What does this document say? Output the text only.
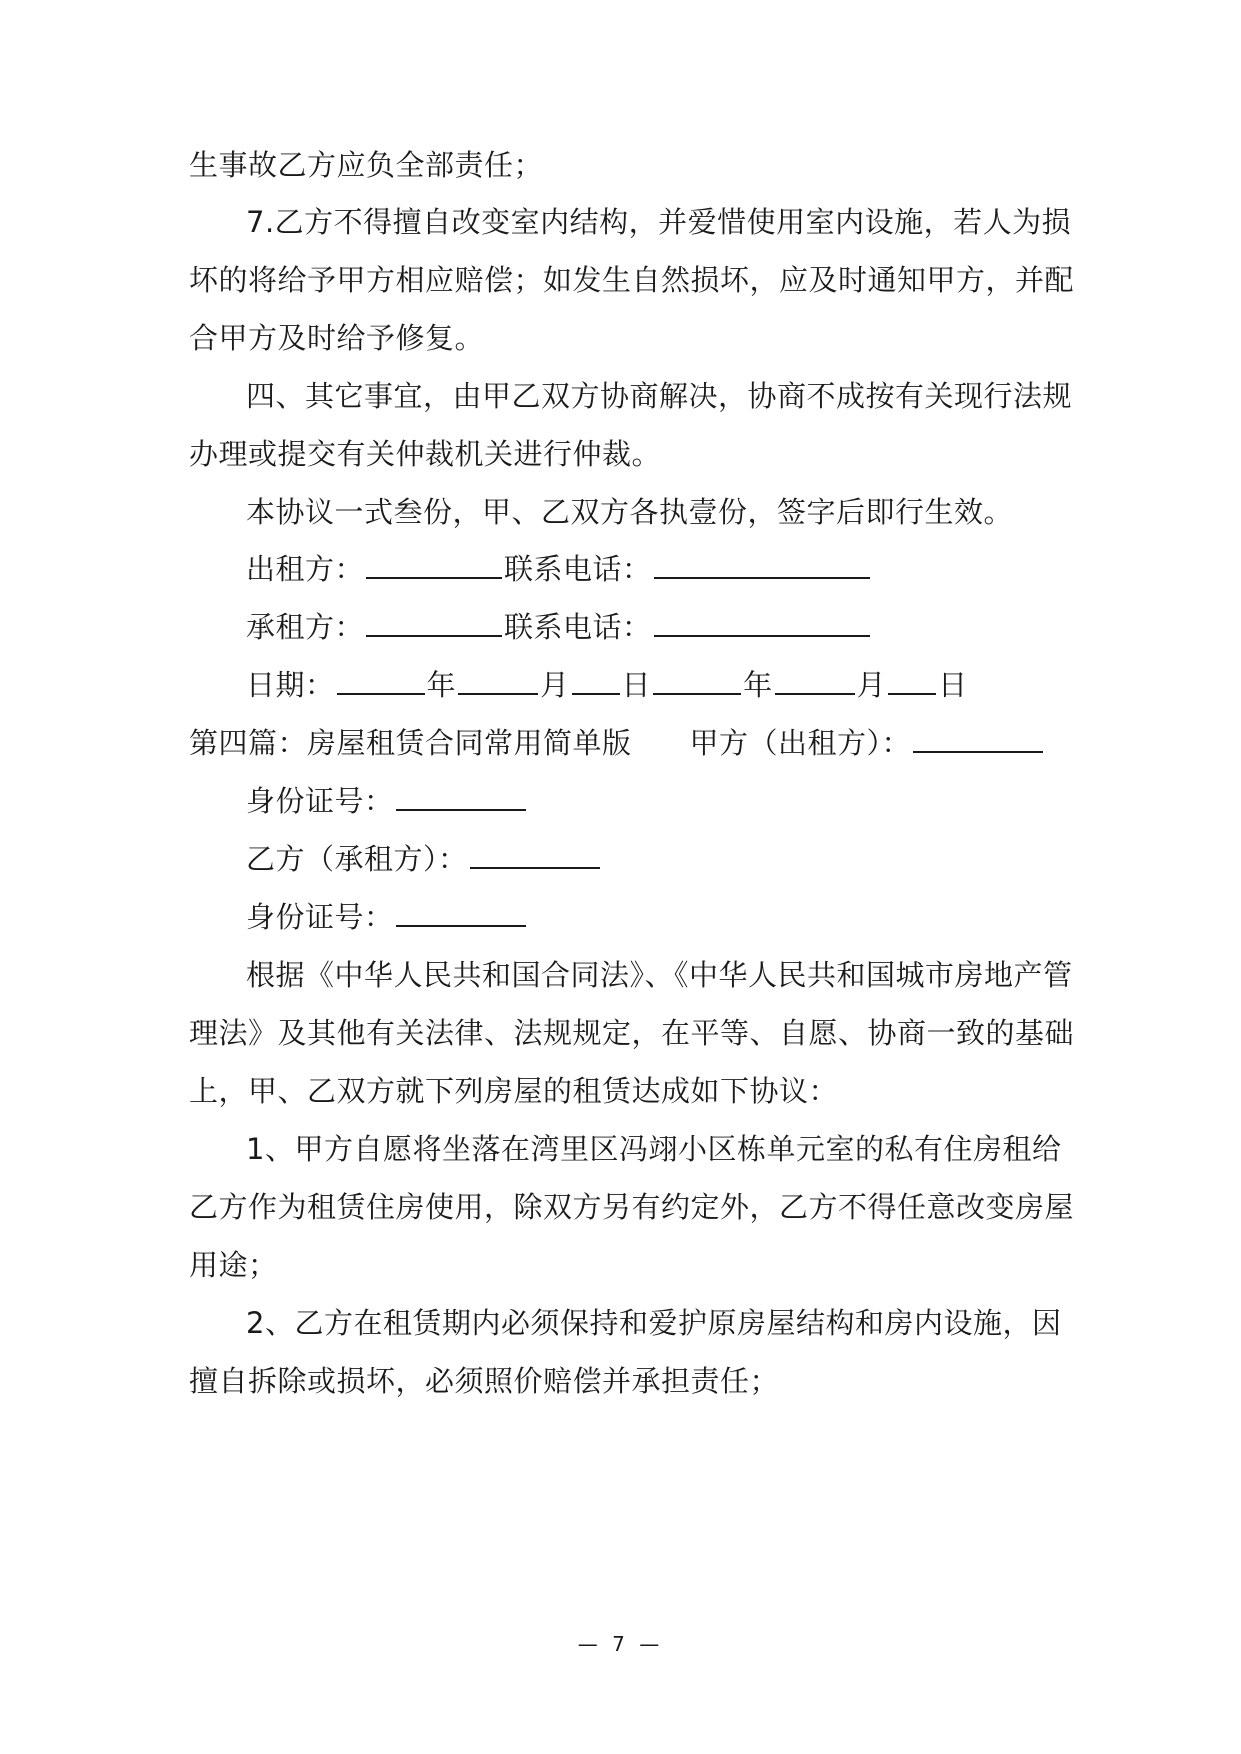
生事故乙方应负全部责任；
7.乙方不得擅自改变室内结构，并爱惜使用室内设施，若人为损
坏的将给予甲方相应赔偿；如发生自然损坏，应及时通知甲方，并配
合甲方及时给予修复。
四、其它事宜，由甲乙双方协商解决，协商不成按有关现行法规
办理或提交有关仲裁机关进行仲裁。
本协议一式叁份，甲、乙双方各执壹份，签字后即行生效。
出租方：	联系电话：
承租方：	联系电话：
日期：	年	月 日	年	月 日
第四篇：房屋租赁合同常用简单版 甲方（出租方）：
身份证号：
乙方（承租方）：
身份证号：
根据《中华人民共和国合同法》、《中华人民共和国城市房地产管
理法》及其他有关法律、法规规定，在平等、自愿、协商一致的基础
上，甲、乙双方就下列房屋的租赁达成如下协议：
1、甲方自愿将坐落在湾里区冯翊小区栋单元室的私有住房租给
乙方作为租赁住房使用，除双方另有约定外，乙方不得任意改变房屋
用途；
2、乙方在租赁期内必须保持和爱护原房屋结构和房内设施，因
擅自拆除或损坏，必须照价赔偿并承担责任；
— 7 —
